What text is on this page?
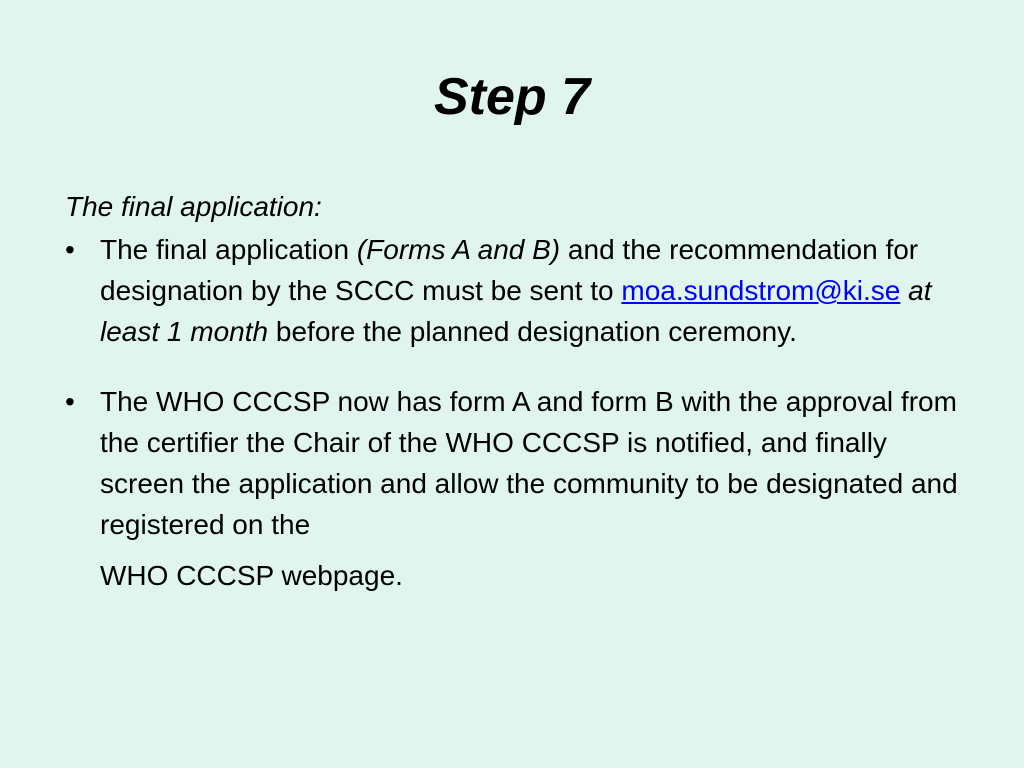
Step 7

The final application:

• The final application (Forms A and B) and the recommendation for designation by the SCCC must be sent to moa.sundstrom@ki.se at least 1 month before the planned designation ceremony.

• The WHO CCCSP now has form A and form B with the approval from the certifier the Chair of the WHO CCCSP is notified, and finally screen the application and allow the community to be designated and registered on the
WHO CCCSP webpage.
